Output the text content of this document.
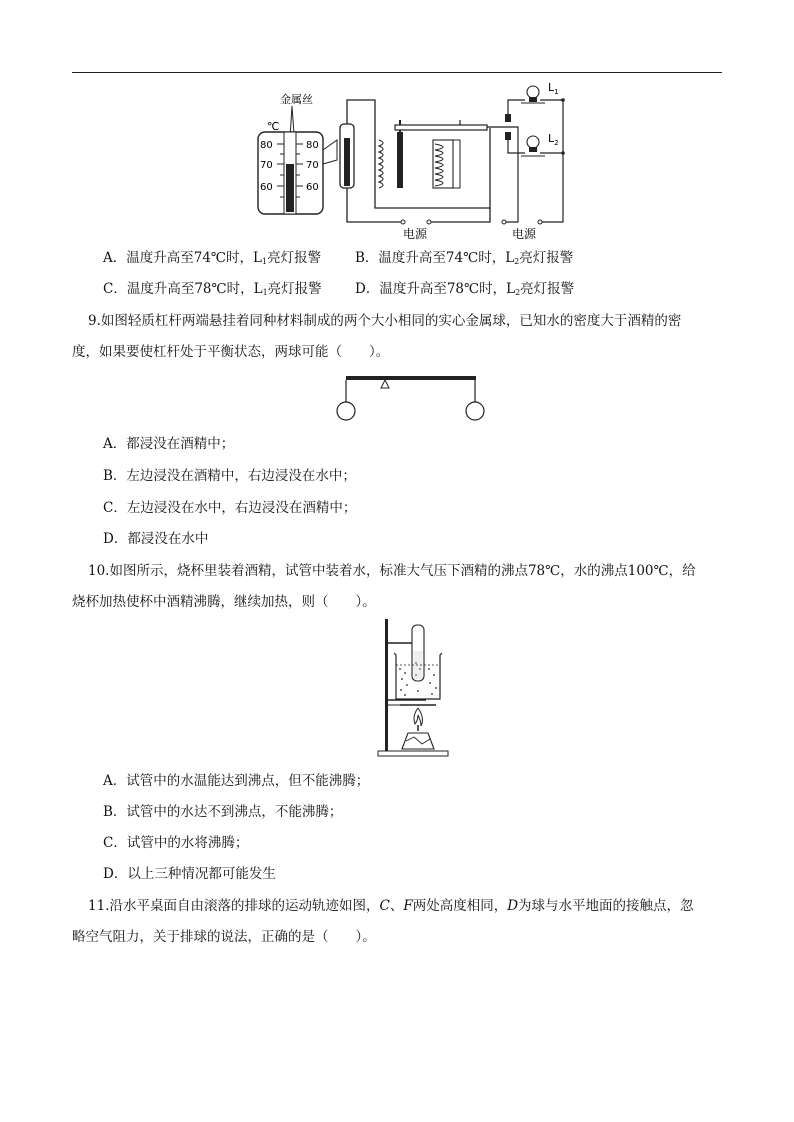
金属丝
℃
80
70
60
80
70
60
电源	电源
$L_1$
$L_2$
A．温度升高至74℃时，$L_1$亮灯报警	B．温度升高至74℃时，$L_2$亮灯报警
C．温度升高至78℃时，$L_1$亮灯报警 D．温度升高至78℃时，$L_2$亮灯报警
9.如图轻质杠杆两端悬挂着同种材料制成的两个大小相同的实心金属球，已知水的密度大于酒精的密
度，如果要使杠杆处于平衡状态，两球可能（　　）。
A．都浸没在酒精中；
B．左边浸没在酒精中，右边浸没在水中；
C．左边浸没在水中，右边浸没在酒精中；
D．都浸没在水中
10.如图所示，烧杯里装着酒精，试管中装着水，标准大气压下酒精的沸点78℃，水的沸点100℃，给
烧杯加热使杯中酒精沸腾，继续加热，则（　　）。
A．试管中的水温能达到沸点，但不能沸腾；
B．试管中的水达不到沸点，不能沸腾；
C．试管中的水将沸腾；
D．以上三种情况都可能发生
11.沿水平桌面自由滚落的排球的运动轨迹如图，C、F两处高度相同，D为球与水平地面的接触点，忽
略空气阻力，关于排球的说法，正确的是（　　）。
